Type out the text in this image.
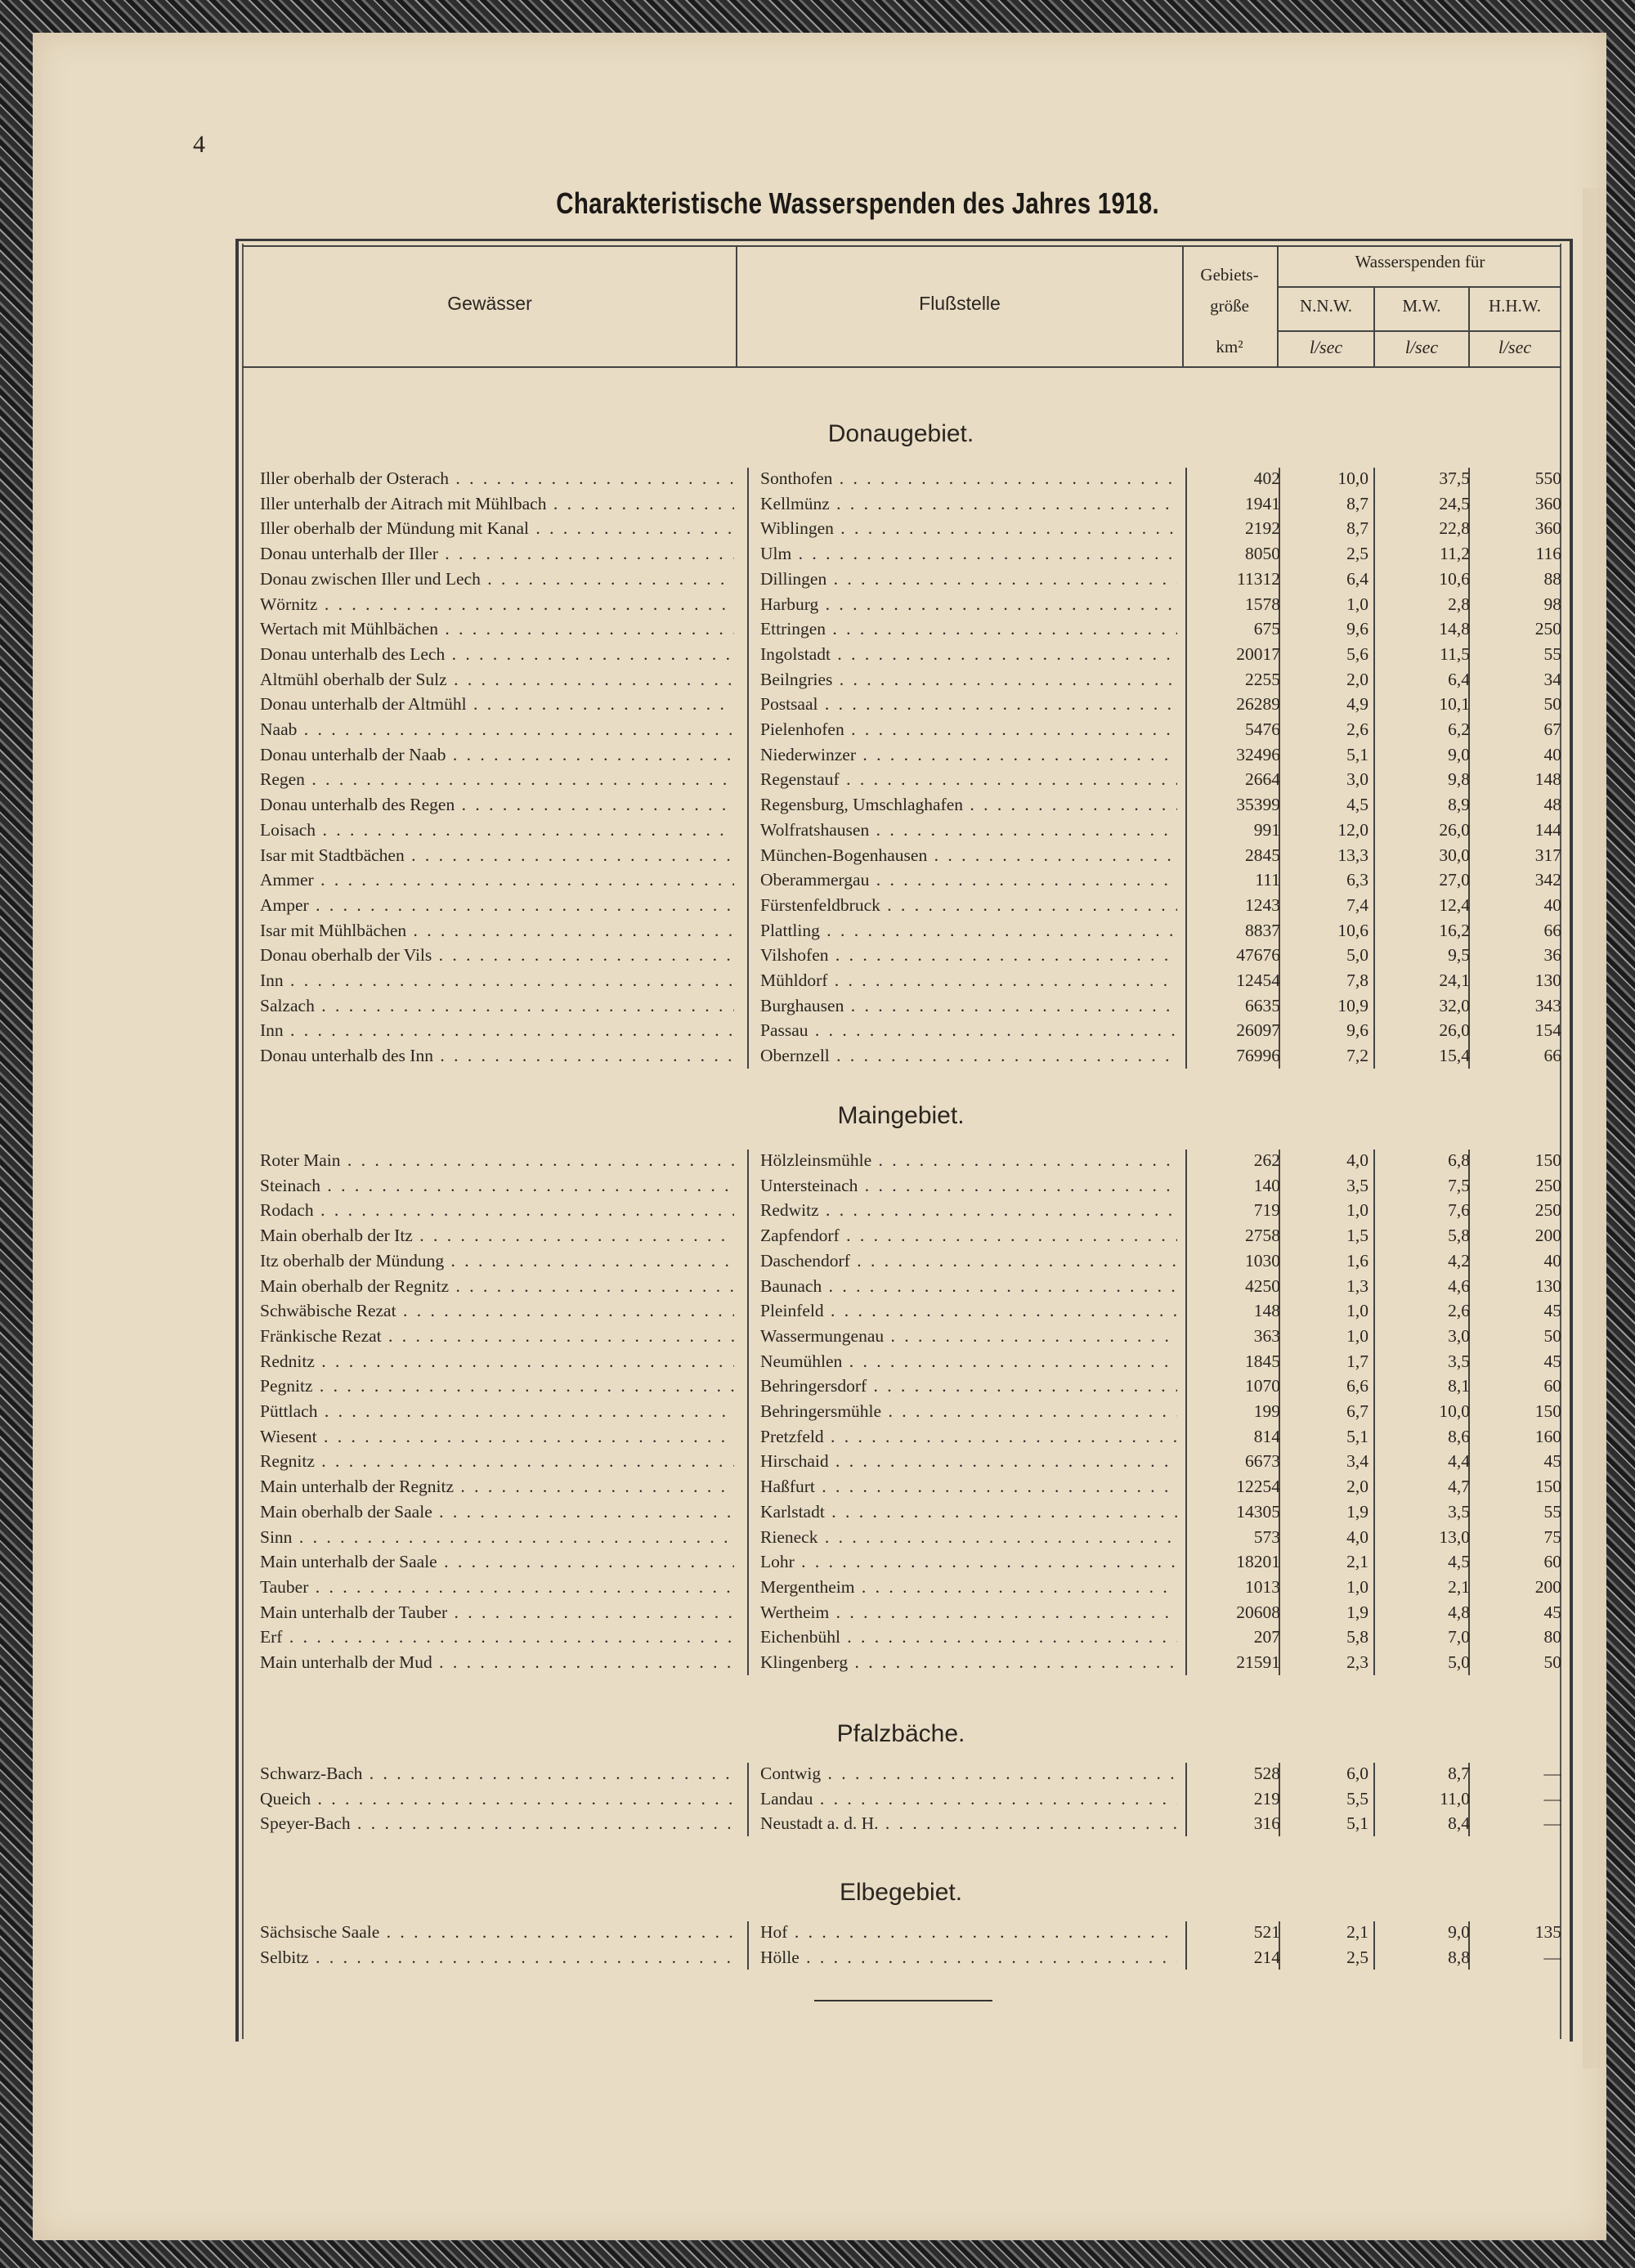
4
Charakteristische Wasserspenden des Jahres 1918.
Gewässer	Flußstelle
Gebiets-
größe
km²
Wasserspenden für
N.N.W.	M.W.	H.H.W.
l/sec	l/sec	l/sec
Donaugebiet.
Iller oberhalb der Osterach . . .	Sonthofen . . .	402	10,0	37,5	550
Iller unterhalb der Aitrach mit Mühlbach . . .	Kellmünz . . .	1941	8,7	24,5	360
Iller oberhalb der Mündung mit Kanal . . .	Wiblingen . . .	2192	8,7	22,8	360
Donau unterhalb der Iller . . .	Ulm . . .	8050	2,5	11,2	116
Donau zwischen Iller und Lech . . .	Dillingen . . .	11312	6,4	10,6	88
Wörnitz . . .	Harburg . . .	1578	1,0	2,8	98
Wertach mit Mühlbächen . . .	Ettringen . . .	675	9,6	14,8	250
Donau unterhalb des Lech . . .	Ingolstadt . . .	20017	5,6	11,5	55
Altmühl oberhalb der Sulz . . .	Beilngries . . .	2255	2,0	6,4	34
Donau unterhalb der Altmühl . . .	Postsaal . . .	26289	4,9	10,1	50
Naab . . .	Pielenhofen . . .	5476	2,6	6,2	67
Donau unterhalb der Naab . . .	Niederwinzer . . .	32496	5,1	9,0	40
Regen . . .	Regenstauf . . .	2664	3,0	9,8	148
Donau unterhalb des Regen . . .	Regensburg, Umschlaghafen . . .	35399	4,5	8,9	48
Loisach . . .	Wolfratshausen . . .	991	12,0	26,0	144
Isar mit Stadtbächen . . .	München-Bogenhausen . . .	2845	13,3	30,0	317
Ammer . . .	Oberammergau . . .	111	6,3	27,0	342
Amper . . .	Fürstenfeldbruck . . .	1243	7,4	12,4	40
Isar mit Mühlbächen . . .	Plattling . . .	8837	10,6	16,2	66
Donau oberhalb der Vils . . .	Vilshofen . . .	47676	5,0	9,5	36
Inn . . .	Mühldorf . . .	12454	7,8	24,1	130
Salzach . . .	Burghausen . . .	6635	10,9	32,0	343
Inn . . .	Passau . . .	26097	9,6	26,0	154
Donau unterhalb des Inn . . .	Obernzell . . .	76996	7,2	15,4	66
Maingebiet.
Roter Main . . .	Hölzleinsmühle . . .	262	4,0	6,8	150
Steinach . . .	Untersteinach . . .	140	3,5	7,5	250
Rodach . . .	Redwitz . . .	719	1,0	7,6	250
Main oberhalb der Itz . . .	Zapfendorf . . .	2758	1,5	5,8	200
Itz oberhalb der Mündung . . .	Daschendorf . . .	1030	1,6	4,2	40
Main oberhalb der Regnitz . . .	Baunach . . .	4250	1,3	4,6	130
Schwäbische Rezat . . .	Pleinfeld . . .	148	1,0	2,6	45
Fränkische Rezat . . .	Wassermungenau . . .	363	1,0	3,0	50
Rednitz . . .	Neumühlen . . .	1845	1,7	3,5	45
Pegnitz . . .	Behringersdorf . . .	1070	6,6	8,1	60
Püttlach . . .	Behringersmühle . . .	199	6,7	10,0	150
Wiesent . . .	Pretzfeld . . .	814	5,1	8,6	160
Regnitz . . .	Hirschaid . . .	6673	3,4	4,4	45
Main unterhalb der Regnitz . . .	Haßfurt . . .	12254	2,0	4,7	150
Main oberhalb der Saale . . .	Karlstadt . . .	14305	1,9	3,5	55
Sinn . . .	Rieneck . . .	573	4,0	13,0	75
Main unterhalb der Saale . . .	Lohr . . .	18201	2,1	4,5	60
Tauber . . .	Mergentheim . . .	1013	1,0	2,1	200
Main unterhalb der Tauber . . .	Wertheim . . .	20608	1,9	4,8	45
Erf . . .	Eichenbühl . . .	207	5,8	7,0	80
Main unterhalb der Mud . . .	Klingenberg . . .	21591	2,3	5,0	50
Pfalzbäche.
Schwarz-Bach . . .	Contwig . . .	528	6,0	8,7	—
Queich . . .	Landau . . .	219	5,5	11,0	—
Speyer-Bach . . .	Neustadt a. d. H. . . .	316	5,1	8,4	—
Elbegebiet.
Sächsische Saale . . .	Hof . . .	521	2,1	9,0	135
Selbitz . . .	Hölle . . .	214	2,5	8,8	—
